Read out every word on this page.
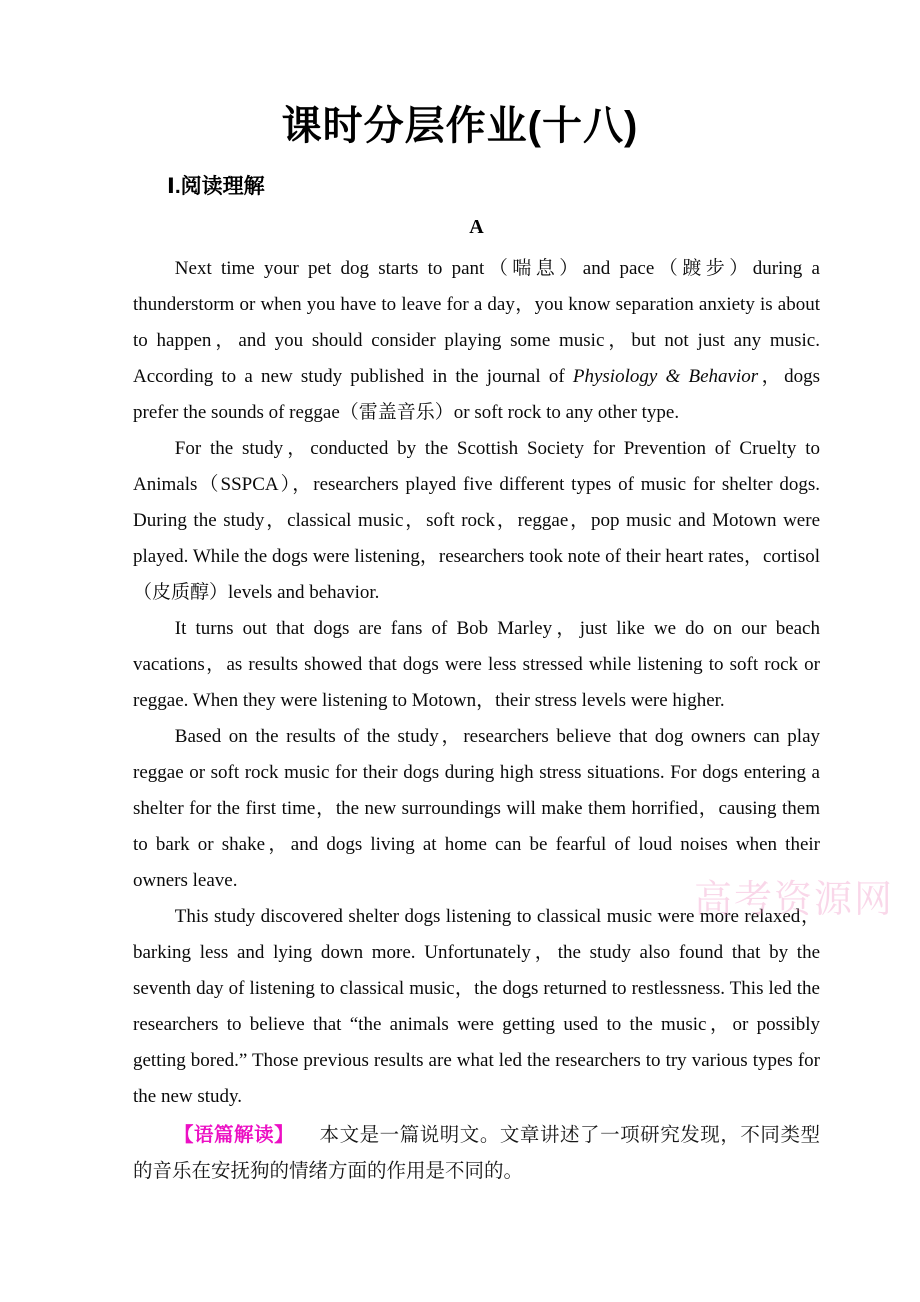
课时分层作业(十八)
Ⅰ.阅读理解
A

Next time your pet dog starts to pant（喘息）and pace（踱步）during a thunderstorm or when you have to leave for a day，you know separation anxiety is about to happen，and you should consider playing some music，but not just any music. According to a new study published in the journal of Physiology & Behavior，dogs prefer the sounds of reggae（雷盖音乐）or soft rock to any other type.

For the study，conducted by the Scottish Society for Prevention of Cruelty to Animals（SSPCA），researchers played five different types of music for shelter dogs. During the study，classical music，soft rock，reggae，pop music and Motown were played. While the dogs were listening，researchers took note of their heart rates，cortisol（皮质醇）levels and behavior.

It turns out that dogs are fans of Bob Marley，just like we do on our beach vacations，as results showed that dogs were less stressed while listening to soft rock or reggae. When they were listening to Motown，their stress levels were higher.

Based on the results of the study，researchers believe that dog owners can play reggae or soft rock music for their dogs during high stress situations. For dogs entering a shelter for the first time，the new surroundings will make them horrified，causing them to bark or shake，and dogs living at home can be fearful of loud noises when their owners leave.

This study discovered shelter dogs listening to classical music were more relaxed，barking less and lying down more. Unfortunately，the study also found that by the seventh day of listening to classical music，the dogs returned to restlessness. This led the researchers to believe that “the animals were getting used to the music，or possibly getting bored.” Those previous results are what led the researchers to try various types for the new study.

【语篇解读】 本文是一篇说明文。文章讲述了一项研究发现，不同类型的音乐在安抚狗的情绪方面的作用是不同的。

高考资源网
